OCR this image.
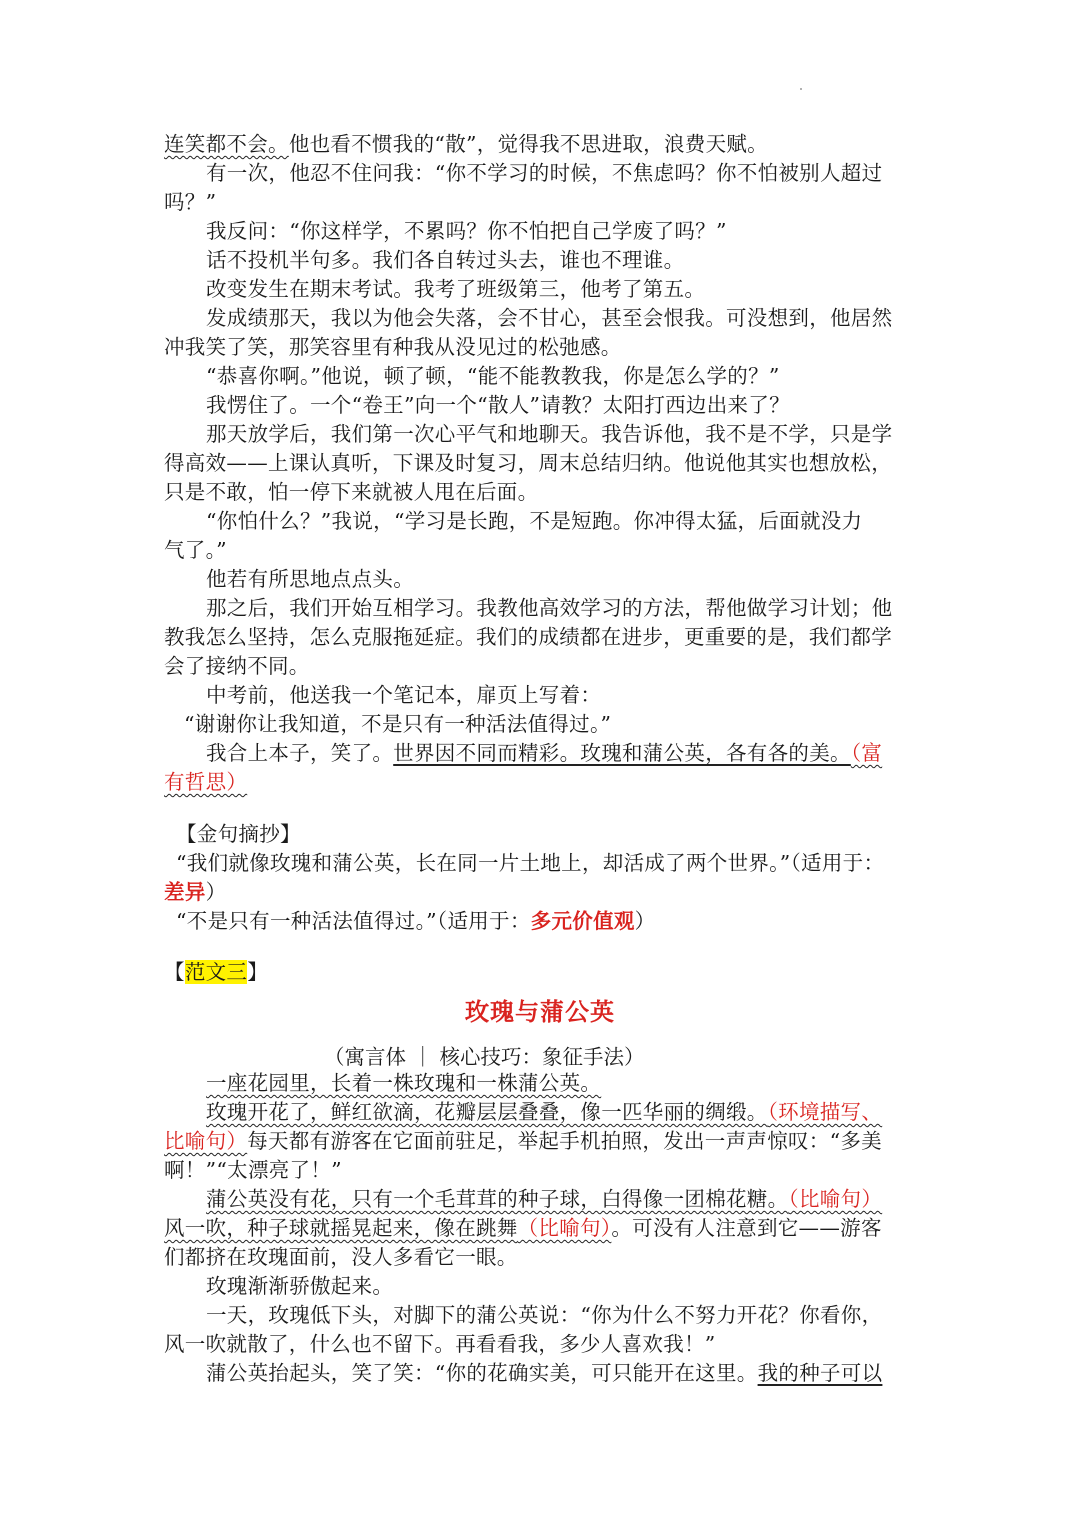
连笑都不会。他也看不惯我的“散”，觉得我不思进取，浪费天赋。
有一次，他忍不住问我：“你不学习的时候，不焦虑吗？你不怕被别人超过
吗？”
我反问：“你这样学，不累吗？你不怕把自己学废了吗？”
话不投机半句多。我们各自转过头去，谁也不理谁。
改变发生在期末考试。我考了班级第三，他考了第五。
发成绩那天，我以为他会失落，会不甘心，甚至会恨我。可没想到，他居然
冲我笑了笑，那笑容里有种我从没见过的松弛感。
“恭喜你啊。”他说，顿了顿，“能不能教教我，你是怎么学的？”
我愣住了。一个“卷王”向一个“散人”请教？太阳打西边出来了？
那天放学后，我们第一次心平气和地聊天。我告诉他，我不是不学，只是学
得高效——上课认真听，下课及时复习，周末总结归纳。他说他其实也想放松，
只是不敢，怕一停下来就被人甩在后面。
“你怕什么？”我说，“学习是长跑，不是短跑。你冲得太猛，后面就没力
气了。”
他若有所思地点点头。
那之后，我们开始互相学习。我教他高效学习的方法，帮他做学习计划；他
教我怎么坚持，怎么克服拖延症。我们的成绩都在进步，更重要的是，我们都学
会了接纳不同。
中考前，他送我一个笔记本，扉页上写着：
“谢谢你让我知道，不是只有一种活法值得过。”
我合上本子，笑了。世界因不同而精彩。玫瑰和蒲公英，各有各的美。（富
有哲思）
【金句摘抄】
“我们就像玫瑰和蒲公英，长在同一片土地上，却活成了两个世界。”（适用于：
差异）
“不是只有一种活法值得过。”（适用于：多元价值观）
【范文三】
玫瑰与蒲公英
（寓言体 ｜ 核心技巧：象征手法）
一座花园里，长着一株玫瑰和一株蒲公英。
玫瑰开花了，鲜红欲滴，花瓣层层叠叠，像一匹华丽的绸缎。（环境描写、
比喻句）每天都有游客在它面前驻足，举起手机拍照，发出一声声惊叹：“多美
啊！”“太漂亮了！”
蒲公英没有花，只有一个毛茸茸的种子球，白得像一团棉花糖。（比喻句）
风一吹，种子球就摇晃起来，像在跳舞（比喻句）。可没有人注意到它——游客
们都挤在玫瑰面前，没人多看它一眼。
玫瑰渐渐骄傲起来。
一天，玫瑰低下头，对脚下的蒲公英说：“你为什么不努力开花？你看你，
风一吹就散了，什么也不留下。再看看我，多少人喜欢我！”
蒲公英抬起头，笑了笑：“你的花确实美，可只能开在这里。我的种子可以
